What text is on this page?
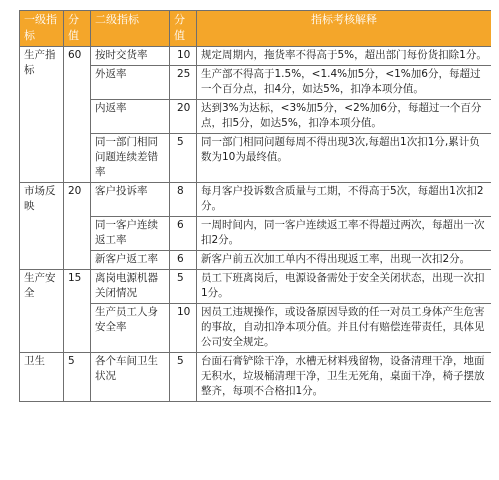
一级指标	分值	二级指标	分值	指标考核解释
生产指标	60	按时交货率	10	规定周期内，拖货率不得高于5%，超出部门每份货扣除1分。
		外返率	25	生产部不得高于1.5%，<1.4%加5分，<1%加6分，每超过一个百分点，扣4分，如达5%，扣净本项分值。
		内返率	20	达到3%为达标，<3%加5分，<2%加6分，每超过一个百分点，扣5分，如达5%，扣净本项分值。
		同一部门相同问题连续差错率	5	同一部门相同问题每周不得出现3次,每超出1次扣1分,累计负数为10为最终值。
市场反映	20	客户投诉率	8	每月客户投诉数含质量与工期，不得高于5次，每超出1次扣2分。
		同一客户连续返工率	6	一周时间内，同一客户连续返工率不得超过两次，每超出一次扣2分。
		新客户返工率	6	新客户前五次加工单内不得出现返工率，出现一次扣2分。
生产安全	15	离岗电源机器关闭情况	5	员工下班离岗后，电源设备需处于安全关闭状态，出现一次扣1分。
		生产员工人身安全率	10	因员工违规操作，或设备原因导致的任一对员工身体产生危害的事故，自动扣净本项分值。并且付有赔偿连带责任，具体见公司安全规定。
卫生	5	各个车间卫生状况	5	台面石膏铲除干净，水槽无材料残留物，设备清理干净，地面无积水，垃圾桶清理干净，卫生无死角，桌面干净，椅子摆放整齐，每项不合格扣1分。
